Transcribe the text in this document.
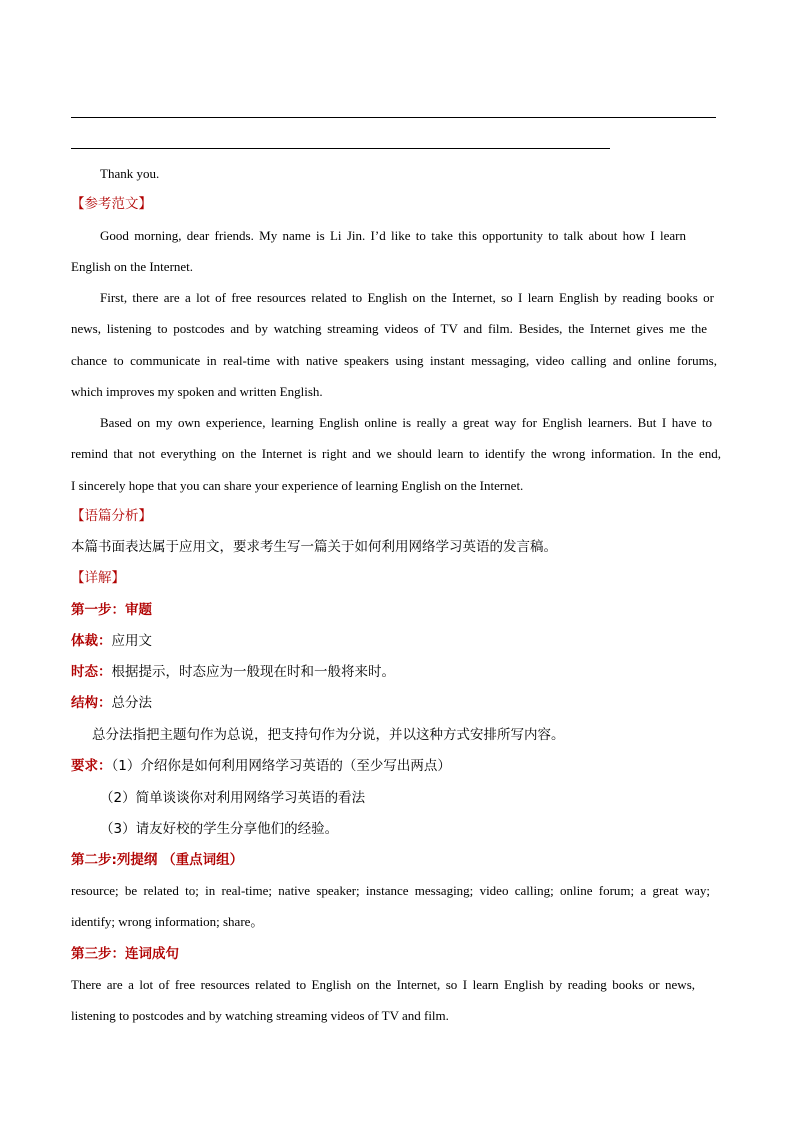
Thank you.
【参考范文】
Good morning, dear friends. My name is Li Jin. I’d like to take this opportunity to talk about how I learn
English on the Internet.
First, there are a lot of free resources related to English on the Internet, so I learn English by reading books or
news, listening to postcodes and by watching streaming videos of TV and film. Besides, the Internet gives me the
chance to communicate in real-time with native speakers using instant messaging, video calling and online forums,
which improves my spoken and written English.
Based on my own experience, learning English online is really a great way for English learners. But I have to
remind that not everything on the Internet is right and we should learn to identify the wrong information. In the end,
I sincerely hope that you can share your experience of learning English on the Internet.
【语篇分析】
本篇书面表达属于应用文，要求考生写一篇关于如何利用网络学习英语的发言稿。
【详解】
第一步：审题
体裁：应用文
时态：根据提示，时态应为一般现在时和一般将来时。
结构：总分法
总分法指把主题句作为总说，把支持句作为分说，并以这种方式安排所写内容。
要求：（1）介绍你是如何利用网络学习英语的（至少写出两点）
（2）简单谈谈你对利用网络学习英语的看法
（3）请友好校的学生分享他们的经验。
第二步:列提纲 （重点词组）
resource; be related to; in real-time; native speaker; instance messaging; video calling; online forum; a great way;
identify; wrong information; share。
第三步：连词成句
There are a lot of free resources related to English on the Internet, so I learn English by reading books or news,
listening to postcodes and by watching streaming videos of TV and film.
